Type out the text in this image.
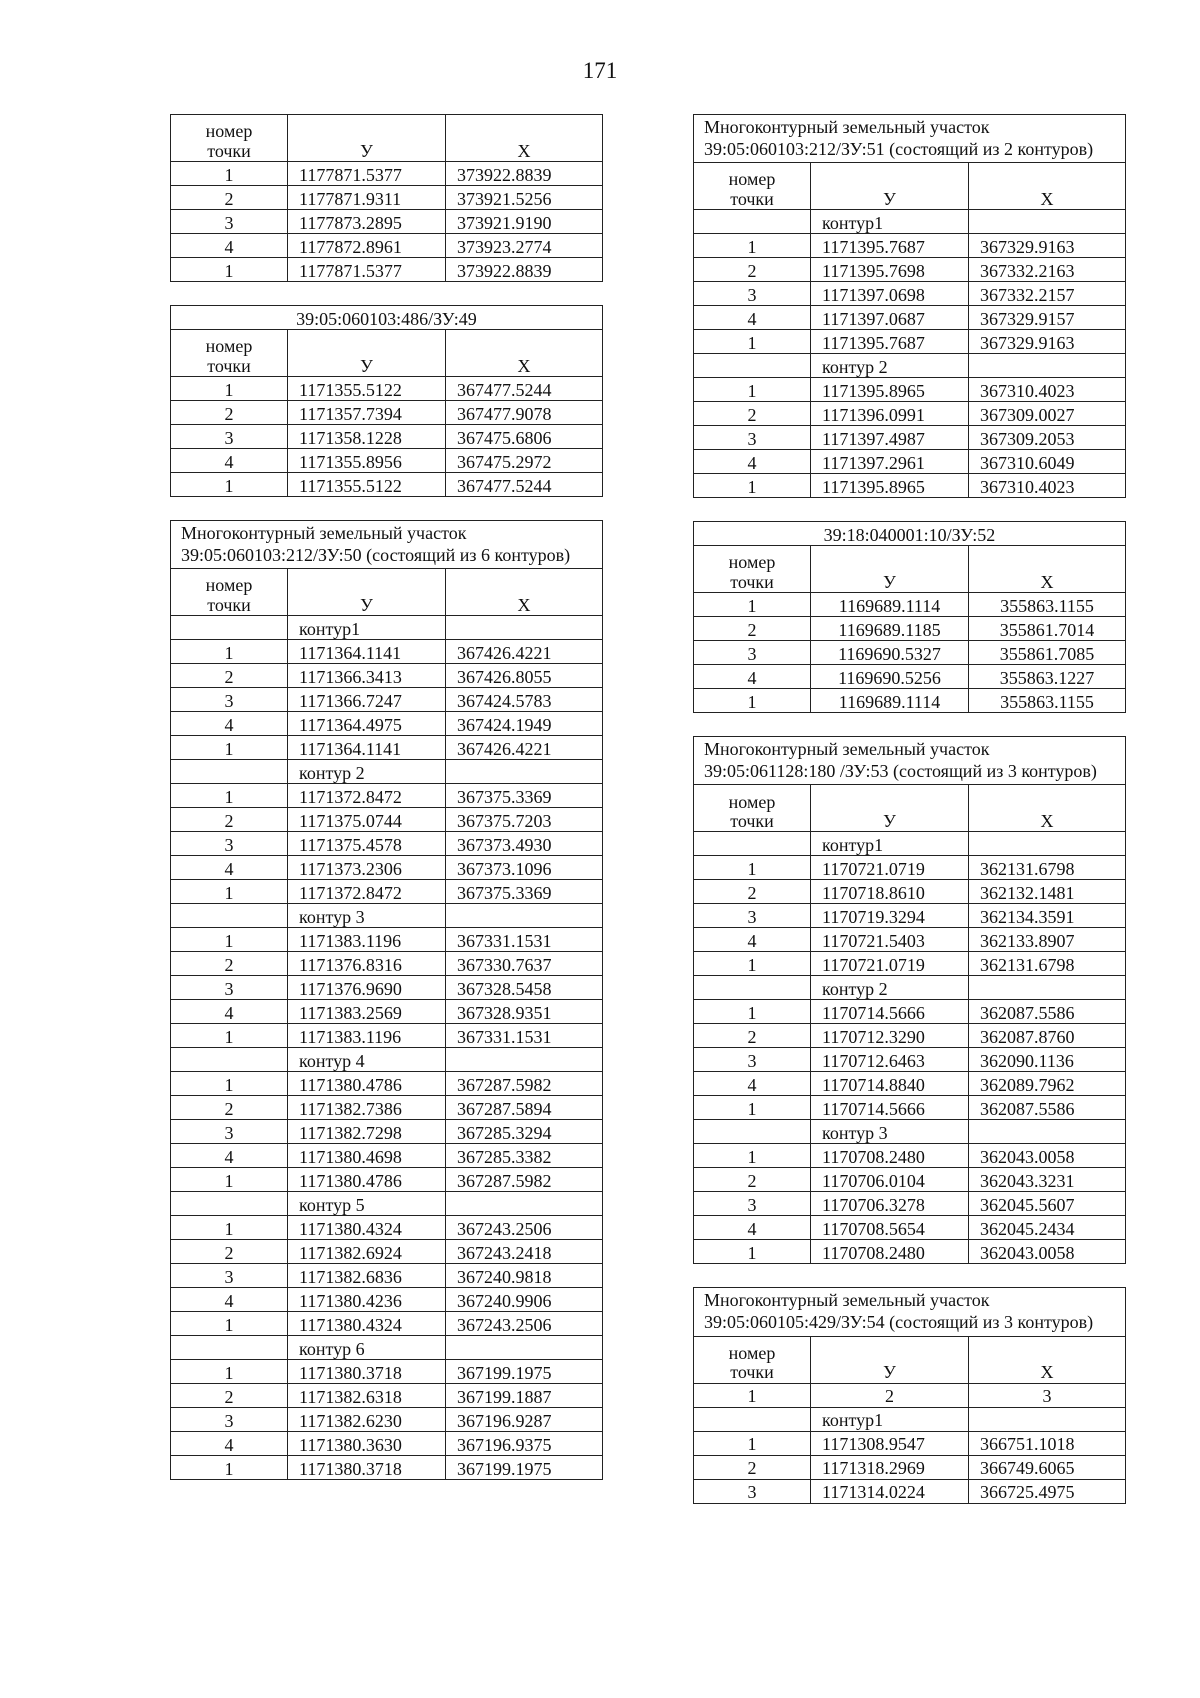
171
номер
точки	У	Х
1	1177871.5377	373922.8839
2	1177871.9311	373921.5256
3	1177873.2895	373921.9190
4	1177872.8961	373923.2774
1	1177871.5377	373922.8839
39:05:060103:486/ЗУ:49		

номер
точки	У	Х
1	1171355.5122	367477.5244
2	1171357.7394	367477.9078
3	1171358.1228	367475.6806
4	1171355.8956	367475.2972
1	1171355.5122	367477.5244
Многоконтурный земельный участок 39:05:060103:212/ЗУ:50 (состоящий из 6 контуров)		

номер
точки	У	Х
	контур1	
1	1171364.1141	367426.4221
2	1171366.3413	367426.8055
3	1171366.7247	367424.5783
4	1171364.4975	367424.1949
1	1171364.1141	367426.4221
	контур 2	
1	1171372.8472	367375.3369
2	1171375.0744	367375.7203
3	1171375.4578	367373.4930
4	1171373.2306	367373.1096
1	1171372.8472	367375.3369
	контур 3	
1	1171383.1196	367331.1531
2	1171376.8316	367330.7637
3	1171376.9690	367328.5458
4	1171383.2569	367328.9351
1	1171383.1196	367331.1531
	контур 4	
1	1171380.4786	367287.5982
2	1171382.7386	367287.5894
3	1171382.7298	367285.3294
4	1171380.4698	367285.3382
1	1171380.4786	367287.5982
	контур 5	
1	1171380.4324	367243.2506
2	1171382.6924	367243.2418
3	1171382.6836	367240.9818
4	1171380.4236	367240.9906
1	1171380.4324	367243.2506
	контур 6	
1	1171380.3718	367199.1975
2	1171382.6318	367199.1887
3	1171382.6230	367196.9287
4	1171380.3630	367196.9375
1	1171380.3718	367199.1975
Многоконтурный земельный участок 39:05:060103:212/ЗУ:51 (состоящий из 2 контуров)		

номер
точки	У	Х
	контур1	
1	1171395.7687	367329.9163
2	1171395.7698	367332.2163
3	1171397.0698	367332.2157
4	1171397.0687	367329.9157
1	1171395.7687	367329.9163
	контур 2	
1	1171395.8965	367310.4023
2	1171396.0991	367309.0027
3	1171397.4987	367309.2053
4	1171397.2961	367310.6049
1	1171395.8965	367310.4023
39:18:040001:10/ЗУ:52		

номер
точки	У	Х
1	1169689.1114	355863.1155
2	1169689.1185	355861.7014
3	1169690.5327	355861.7085
4	1169690.5256	355863.1227
1	1169689.1114	355863.1155
Многоконтурный земельный участок 39:05:061128:180 /ЗУ:53 (состоящий из 3 контуров)		

номер
точки	У	Х
	контур1	
1	1170721.0719	362131.6798
2	1170718.8610	362132.1481
3	1170719.3294	362134.3591
4	1170721.5403	362133.8907
1	1170721.0719	362131.6798
	контур 2	
1	1170714.5666	362087.5586
2	1170712.3290	362087.8760
3	1170712.6463	362090.1136
4	1170714.8840	362089.7962
1	1170714.5666	362087.5586
	контур 3	
1	1170708.2480	362043.0058
2	1170706.0104	362043.3231
3	1170706.3278	362045.5607
4	1170708.5654	362045.2434
1	1170708.2480	362043.0058
Многоконтурный земельный участок 39:05:060105:429/ЗУ:54 (состоящий из 3 контуров)		

номер
точки	У	Х
1	2	3
	контур1	
1	1171308.9547	366751.1018
2	1171318.2969	366749.6065
3	1171314.0224	366725.4975
